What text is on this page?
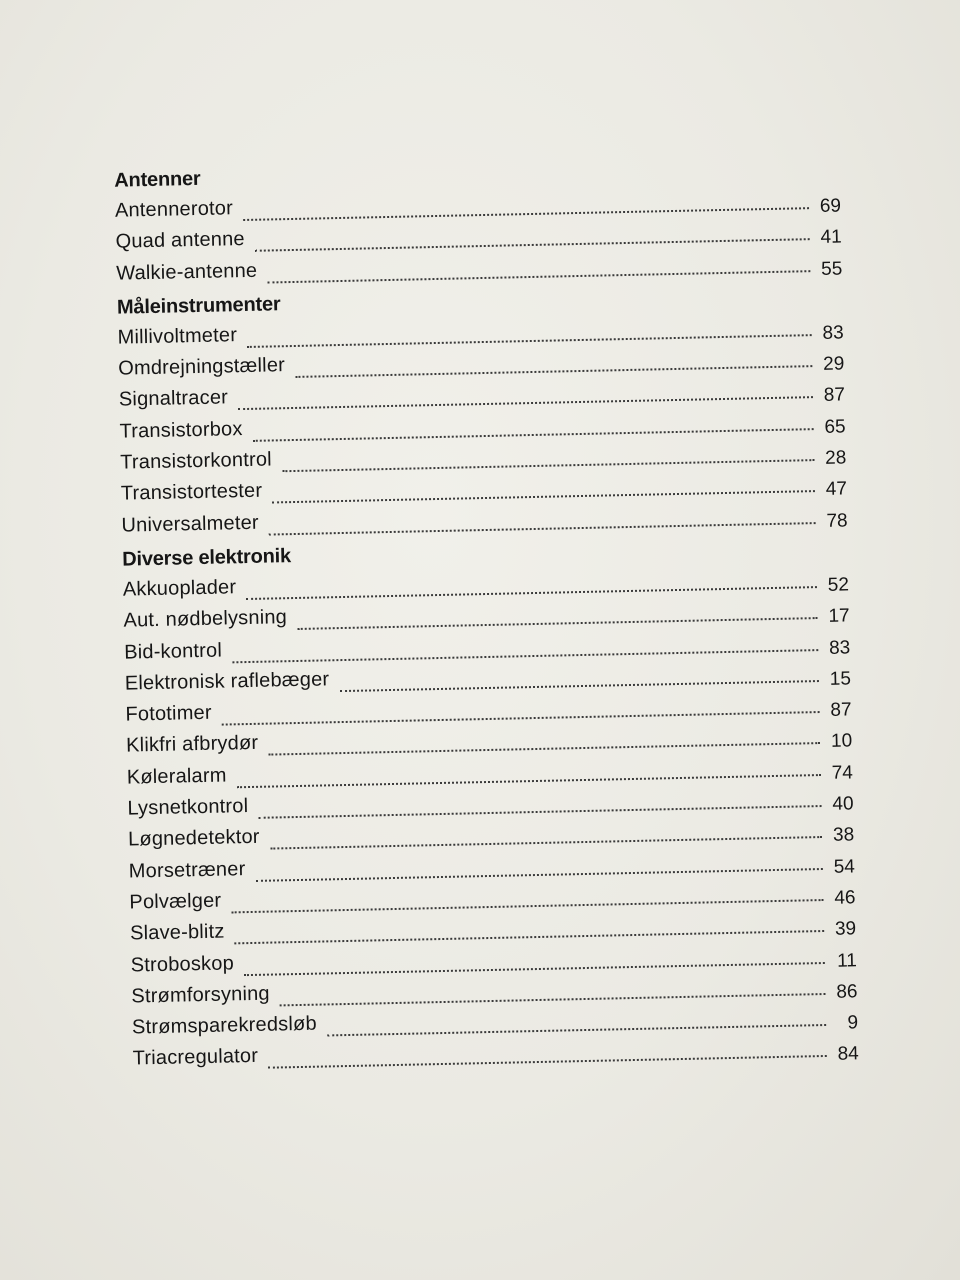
Antenner
Antennerotor	69
Quad antenne	41
Walkie-antenne	55
Måleinstrumenter
Millivoltmeter	83
Omdrejningstæller	29
Signaltracer	87
Transistorbox	65
Transistorkontrol	28
Transistortester	47
Universalmeter	78
Diverse elektronik
Akkuoplader	52
Aut. nødbelysning	17
Bid-kontrol	83
Elektronisk raflebæger	15
Fototimer	87
Klikfri afbrydør	10
Køleralarm	74
Lysnetkontrol	40
Løgnedetektor	38
Morsetræner	54
Polvælger	46
Slave-blitz	39
Stroboskop	11
Strømforsyning	86
Strømsparekredsløb	9
Triacregulator	84
